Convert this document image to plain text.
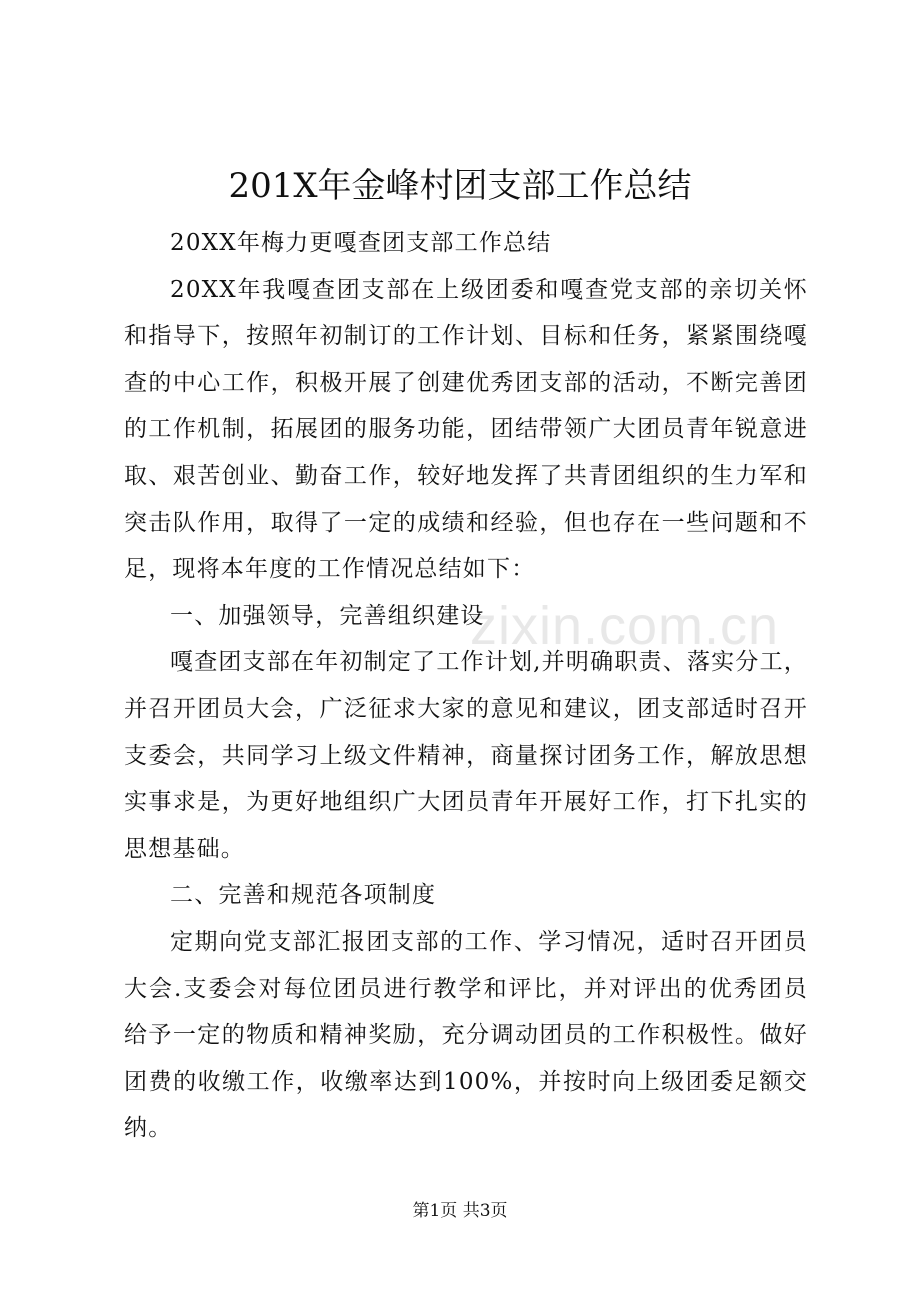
zixin.com.cn
201X年金峰村团支部工作总结

20XX年梅力更嘎查团支部工作总结

20XX年我嘎查团支部在上级团委和嘎查党支部的亲切关怀和指导下，按照年初制订的工作计划、目标和任务，紧紧围绕嘎查的中心工作，积极开展了创建优秀团支部的活动，不断完善团的工作机制，拓展团的服务功能，团结带领广大团员青年锐意进取、艰苦创业、勤奋工作，较好地发挥了共青团组织的生力军和突击队作用，取得了一定的成绩和经验，但也存在一些问题和不足，现将本年度的工作情况总结如下：

一、加强领导，完善组织建设

嘎查团支部在年初制定了工作计划,并明确职责、落实分工，并召开团员大会，广泛征求大家的意见和建议，团支部适时召开支委会，共同学习上级文件精神，商量探讨团务工作，解放思想实事求是，为更好地组织广大团员青年开展好工作，打下扎实的思想基础。

二、完善和规范各项制度

定期向党支部汇报团支部的工作、学习情况，适时召开团员大会.支委会对每位团员进行教学和评比，并对评出的优秀团员给予一定的物质和精神奖励，充分调动团员的工作积极性。做好团费的收缴工作，收缴率达到100%，并按时向上级团委足额交纳。

第1页 共3页
